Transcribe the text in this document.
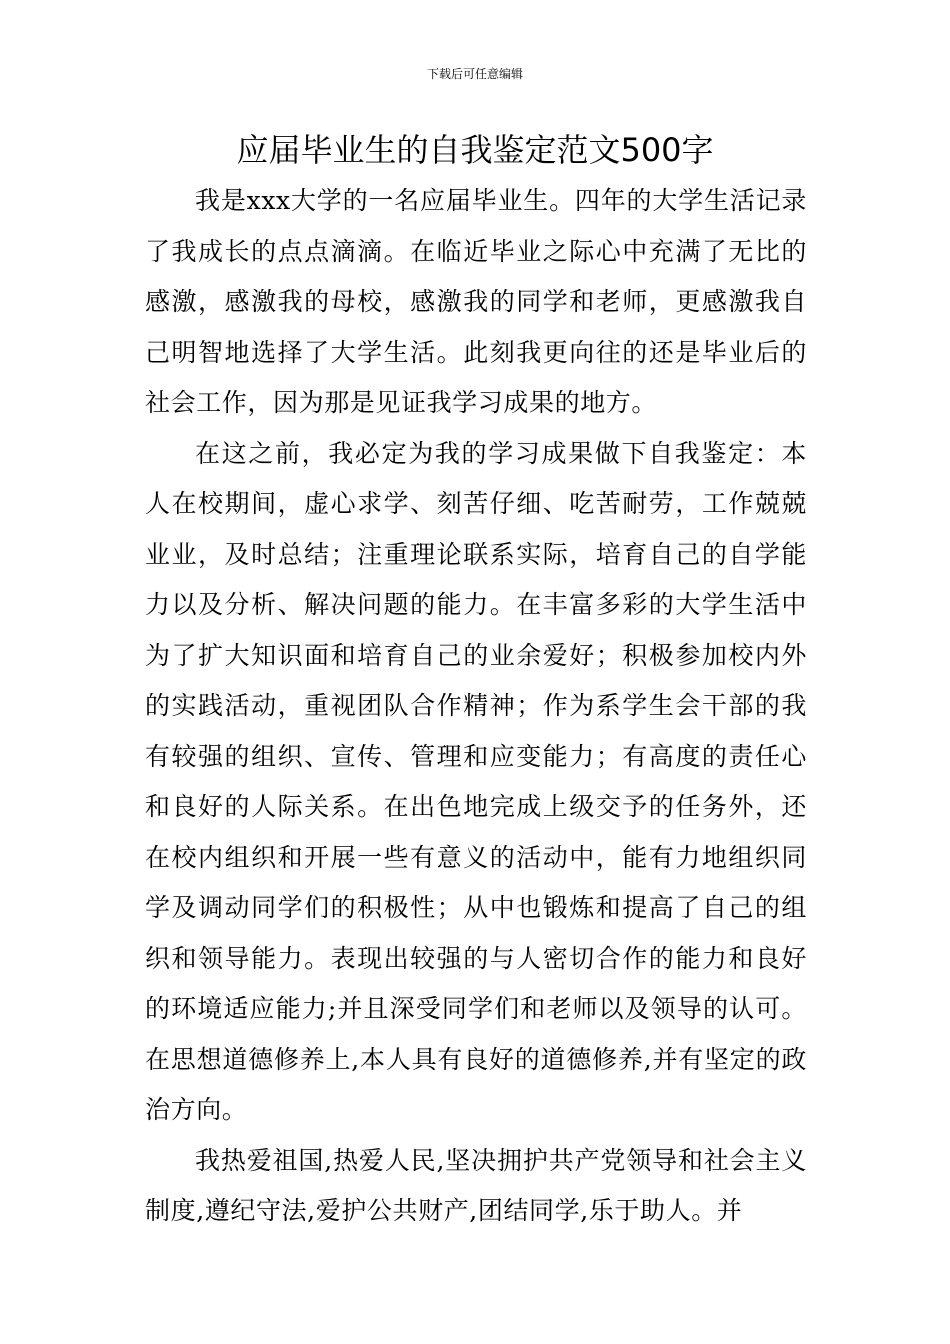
下载后可任意编辑
应届毕业生的自我鉴定范文500字

我是xxx大学的一名应届毕业生。四年的大学生活记录了我成长的点点滴滴。在临近毕业之际心中充满了无比的感激，感激我的母校，感激我的同学和老师，更感激我自己明智地选择了大学生活。此刻我更向往的还是毕业后的社会工作，因为那是见证我学习成果的地方。

在这之前，我必定为我的学习成果做下自我鉴定：本人在校期间，虚心求学、刻苦仔细、吃苦耐劳，工作兢兢业业，及时总结；注重理论联系实际，培育自己的自学能力以及分析、解决问题的能力。在丰富多彩的大学生活中为了扩大知识面和培育自己的业余爱好；积极参加校内外的实践活动，重视团队合作精神；作为系学生会干部的我有较强的组织、宣传、管理和应变能力；有高度的责任心和良好的人际关系。在出色地完成上级交予的任务外，还在校内组织和开展一些有意义的活动中，能有力地组织同学及调动同学们的积极性；从中也锻炼和提高了自己的组织和领导能力。表现出较强的与人密切合作的能力和良好的环境适应能力;并且深受同学们和老师以及领导的认可。在思想道德修养上,本人具有良好的道德修养,并有坚定的政治方向。

我热爱祖国,热爱人民,坚决拥护共产党领导和社会主义制度,遵纪守法,爱护公共财产,团结同学,乐于助人。并
